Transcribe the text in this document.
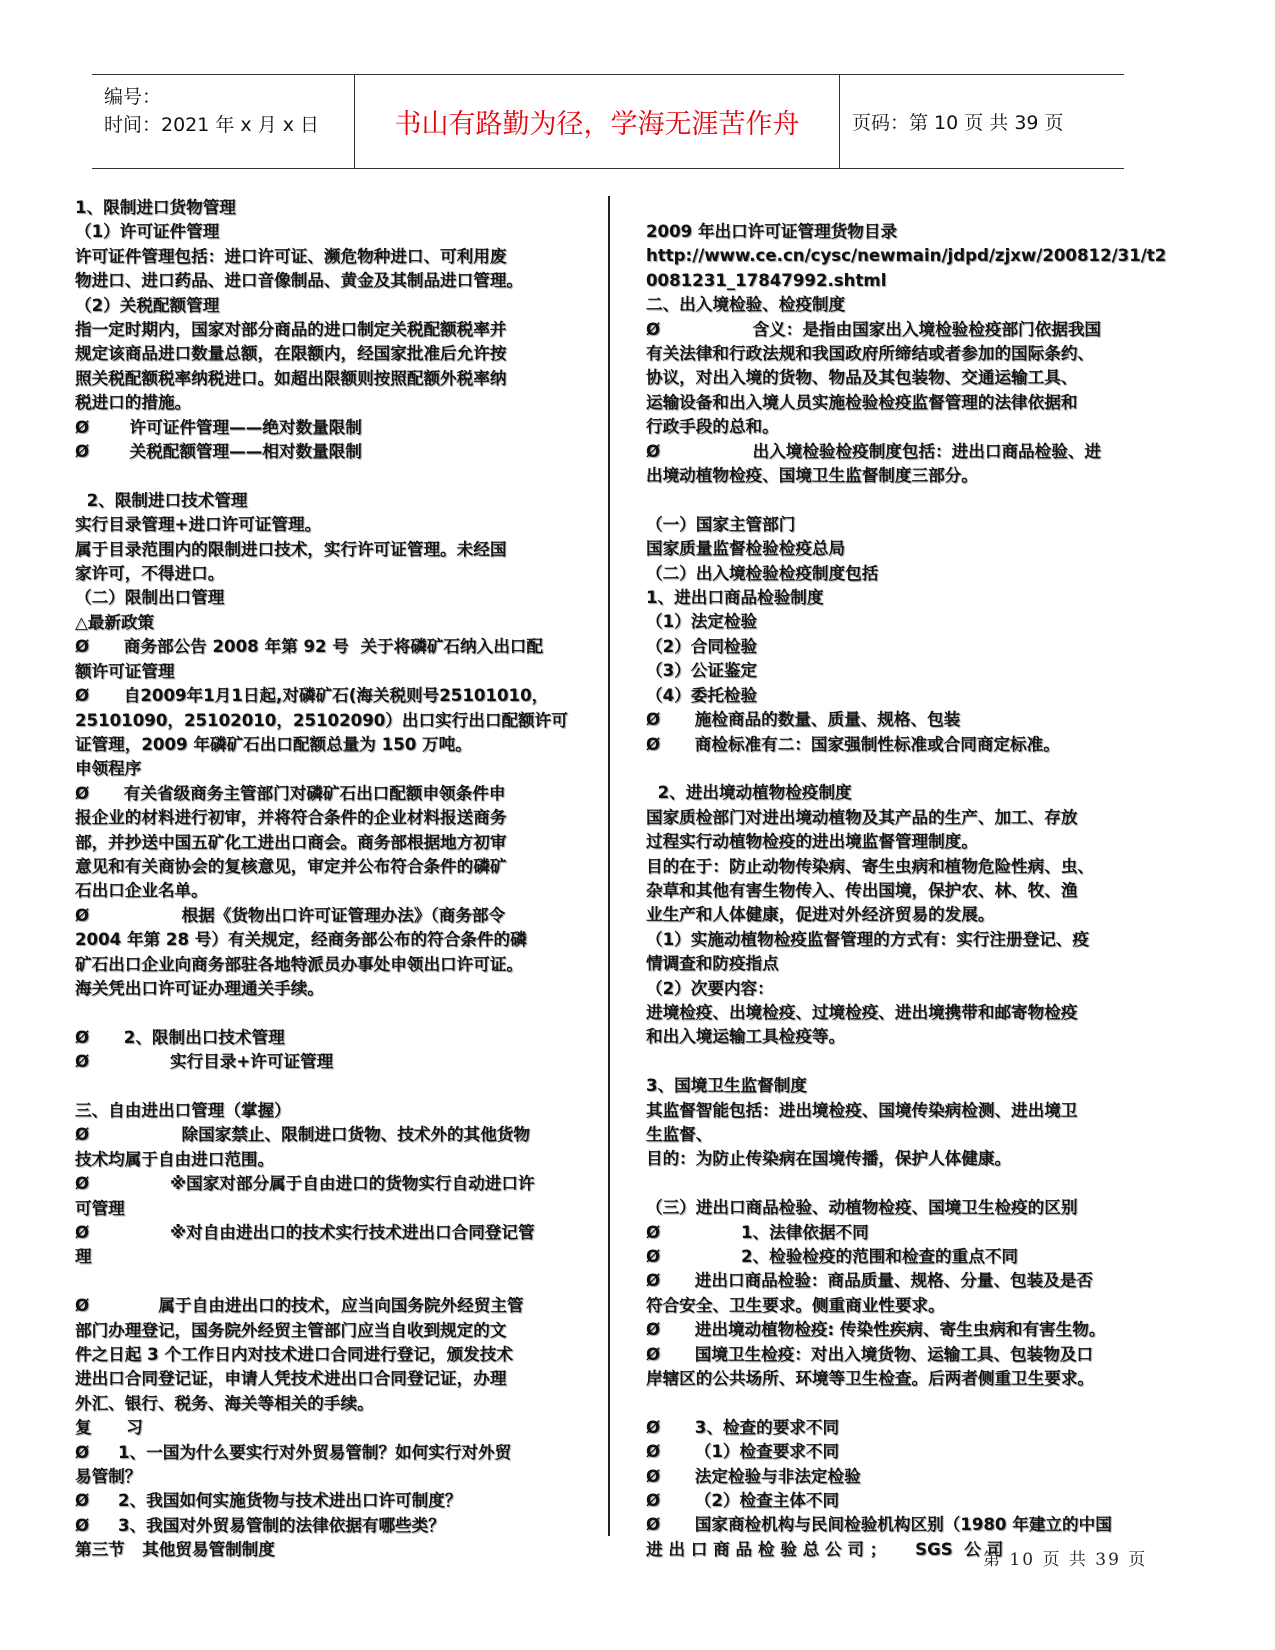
编号：
时间：2021 年 x 月 x 日	书山有路勤为径，学海无涯苦作舟	页码：第 10 页 共 39 页

1、限制进口货物管理

（1）许可证件管理

许可证件管理包括：进口许可证、濒危物种进口、可利用废

物进口、进口药品、进口音像制品、黄金及其制品进口管理。

（2）关税配额管理

指一定时期内，国家对部分商品的进口制定关税配额税率并

规定该商品进口数量总额，在限额内，经国家批准后允许按

照关税配额税率纳税进口。如超出限额则按照配额外税率纳

税进口的措施。

Ø       许可证件管理——绝对数量限制

Ø       关税配额管理——相对数量限制

2、限制进口技术管理

实行目录管理+进口许可证管理。

属于目录范围内的限制进口技术，实行许可证管理。未经国

家许可，不得进口。

（二）限制出口管理

△最新政策

Ø      商务部公告 2008 年第 92 号  关于将磷矿石纳入出口配

额许可证管理

Ø      自2009年1月1日起,对磷矿石(海关税则号25101010，

25101090，25102010，25102090）出口实行出口配额许可

证管理，2009 年磷矿石出口配额总量为 150 万吨。

申领程序

Ø      有关省级商务主管部门对磷矿石出口配额申领条件申

报企业的材料进行初审，并将符合条件的企业材料报送商务

部，并抄送中国五矿化工进出口商会。商务部根据地方初审

意见和有关商协会的复核意见，审定并公布符合条件的磷矿

石出口企业名单。

Ø                根据《货物出口许可证管理办法》（商务部令

2004 年第 28 号）有关规定，经商务部公布的符合条件的磷

矿石出口企业向商务部驻各地特派员办事处申领出口许可证。

海关凭出口许可证办理通关手续。

Ø      2、限制出口技术管理

Ø              实行目录+许可证管理

三、自由进出口管理（掌握）

Ø                除国家禁止、限制进口货物、技术外的其他货物

技术均属于自由进口范围。

Ø              ※国家对部分属于自由进口的货物实行自动进口许

可管理

Ø              ※对自由进出口的技术实行技术进出口合同登记管

理

Ø            属于自由进出口的技术，应当向国务院外经贸主管

部门办理登记，国务院外经贸主管部门应当自收到规定的文

件之日起 3 个工作日内对技术进口合同进行登记，颁发技术

进出口合同登记证，申请人凭技术进出口合同登记证，办理

外汇、银行、税务、海关等相关的手续。

复      习

Ø     1、一国为什么要实行对外贸易管制？如何实行对外贸

易管制？

Ø     2、我国如何实施货物与技术进出口许可制度？

Ø     3、我国对外贸易管制的法律依据有哪些类？

第三节   其他贸易管制制度

2009 年出口许可证管理货物目录

http://www.ce.cn/cysc/newmain/jdpd/zjxw/200812/31/t2

0081231_17847992.shtml

二、出入境检验、检疫制度

Ø                含义：是指由国家出入境检验检疫部门依据我国

有关法律和行政法规和我国政府所缔结或者参加的国际条约、

协议，对出入境的货物、物品及其包装物、交通运输工具、

运输设备和出入境人员实施检验检疫监督管理的法律依据和

行政手段的总和。

Ø                出入境检验检疫制度包括：进出口商品检验、进

出境动植物检疫、国境卫生监督制度三部分。

（一）国家主管部门

国家质量监督检验检疫总局

（二）出入境检验检疫制度包括

1、进出口商品检验制度

（1）法定检验

（2）合同检验

（3）公证鉴定

（4）委托检验

Ø      施检商品的数量、质量、规格、包装

Ø      商检标准有二：国家强制性标准或合同商定标准。

2、进出境动植物检疫制度

国家质检部门对进出境动植物及其产品的生产、加工、存放

过程实行动植物检疫的进出境监督管理制度。

目的在于：防止动物传染病、寄生虫病和植物危险性病、虫、

杂草和其他有害生物传入、传出国境，保护农、林、牧、渔

业生产和人体健康，促进对外经济贸易的发展。

（1）实施动植物检疫监督管理的方式有：实行注册登记、疫

情调查和防疫指点

（2）次要内容：

进境检疫、出境检疫、过境检疫、进出境携带和邮寄物检疫

和出入境运输工具检疫等。

3、国境卫生监督制度

其监督智能包括：进出境检疫、国境传染病检测、进出境卫

生监督、

目的：为防止传染病在国境传播，保护人体健康。

（三）进出口商品检验、动植物检疫、国境卫生检疫的区别

Ø              1、法律依据不同

Ø              2、检验检疫的范围和检查的重点不同

Ø      进出口商品检验：商品质量、规格、分量、包装及是否

符合安全、卫生要求。侧重商业性要求。

Ø      进出境动植物检疫: 传染性疾病、寄生虫病和有害生物。

Ø      国境卫生检疫：对出入境货物、运输工具、包装物及口

岸辖区的公共场所、环境等卫生检查。后两者侧重卫生要求。

Ø      3、检查的要求不同

Ø      （1）检查要求不同

Ø      法定检验与非法定检验

Ø      （2）检查主体不同

Ø      国家商检机构与民间检验机构区别（1980 年建立的中国

进 出 口 商 品 检 验 总 公 司 ；     SGS  公 司

第 10 页 共 39 页
